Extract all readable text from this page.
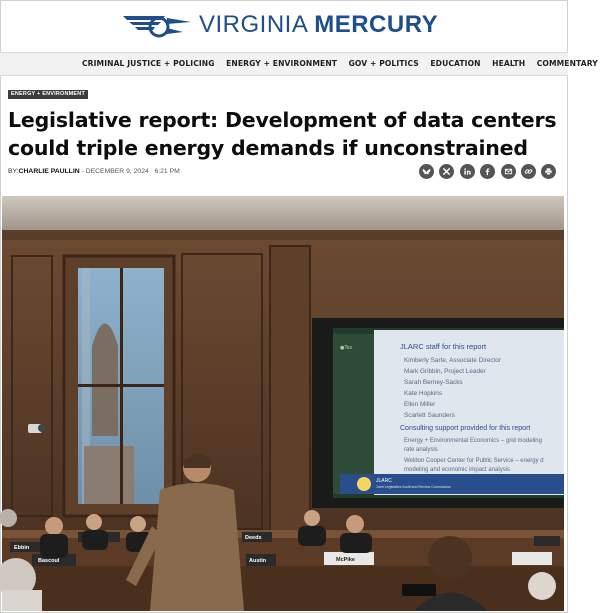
VIRGINIA MERCURY
CRIMINAL JUSTICE + POLICING ENERGY + ENVIRONMENT GOV + POLITICS EDUCATION HEALTH COMMENTARY
ENERGY + ENVIRONMENT
Legislative report: Development of data centers could triple energy demands if unconstrained
BY:CHARLIE PAULLIN - DECEMBER 9, 2024 6:21 PM
●Tex	JLARC staff for this report
Kimberly Sarte, Associate Director
Mark Gribbin, Project Leader
Sarah Berney-Sacks
Kate Hopkins
Ellen Miller
Scarlett Saunders
Consulting support provided for this report
Energy + Environmental Economics – grid modeling
rate analysis
Weldon Cooper Center for Public Service – energy d
modeling and economic impact analysis
JLARC
Joint Legislative Audit and Review Commission
Ebbin
Deeds
Bascoul	Austin	McPike
